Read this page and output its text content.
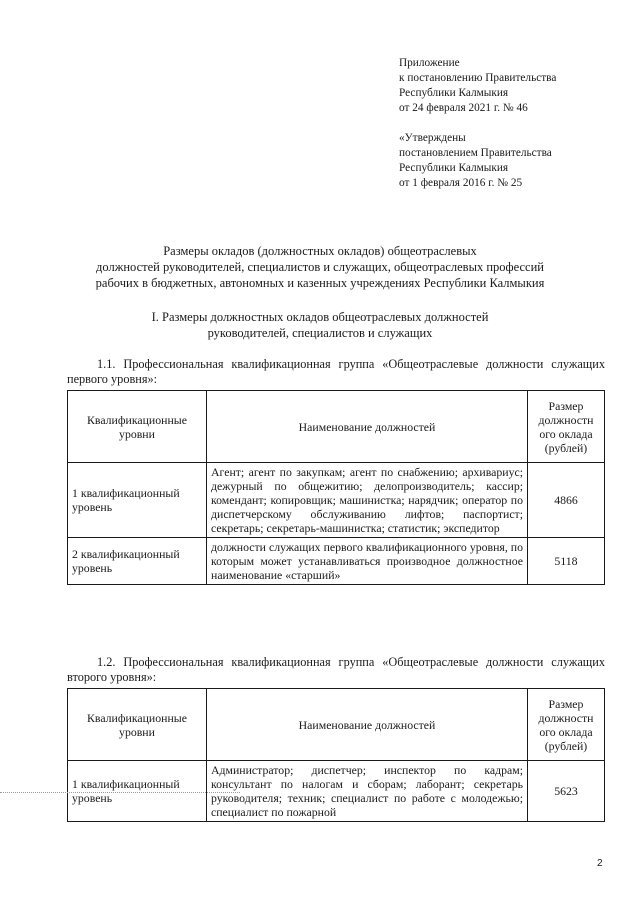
Приложение
к постановлению Правительства
Республики Калмыкия
от 24 февраля 2021 г. № 46
«Утверждены
постановлением Правительства
Республики Калмыкия
от 1 февраля 2016 г. № 25
Размеры окладов (должностных окладов) общеотраслевых
должностей руководителей, специалистов и служащих, общеотраслевых профессий
рабочих в бюджетных, автономных и казенных учреждениях Республики Калмыкия
I. Размеры должностных окладов общеотраслевых должностей
руководителей, специалистов и служащих
1.1. Профессиональная квалификационная группа «Общеотраслевые должности служащих первого уровня»:
Квалификационные уровни	Наименование должностей	Размер должностн ого оклада (рублей)
1 квалификационный уровень	Агент; агент по закупкам; агент по снабжению; архивариус; дежурный по общежитию; делопроизводитель; кассир; комендант; копировщик; машинистка; нарядчик; оператор по диспетчерскому обслуживанию лифтов; паспортист; секретарь; секретарь-машинистка; статистик; экспедитор	4866
2 квалификационный уровень	должности служащих первого квалификационного уровня, по которым может устанавливаться производное должностное наименование «старший»	5118
1.2. Профессиональная квалификационная группа «Общеотраслевые должности служащих второго уровня»:
Квалификационные уровни	Наименование должностей	Размер должностн ого оклада (рублей)
1 квалификационный уровень	Администратор; диспетчер; инспектор по кадрам; консультант по налогам и сборам; лаборант; секретарь руководителя; техник; специалист по работе с молодежью; специалист по пожарной	5623
2
